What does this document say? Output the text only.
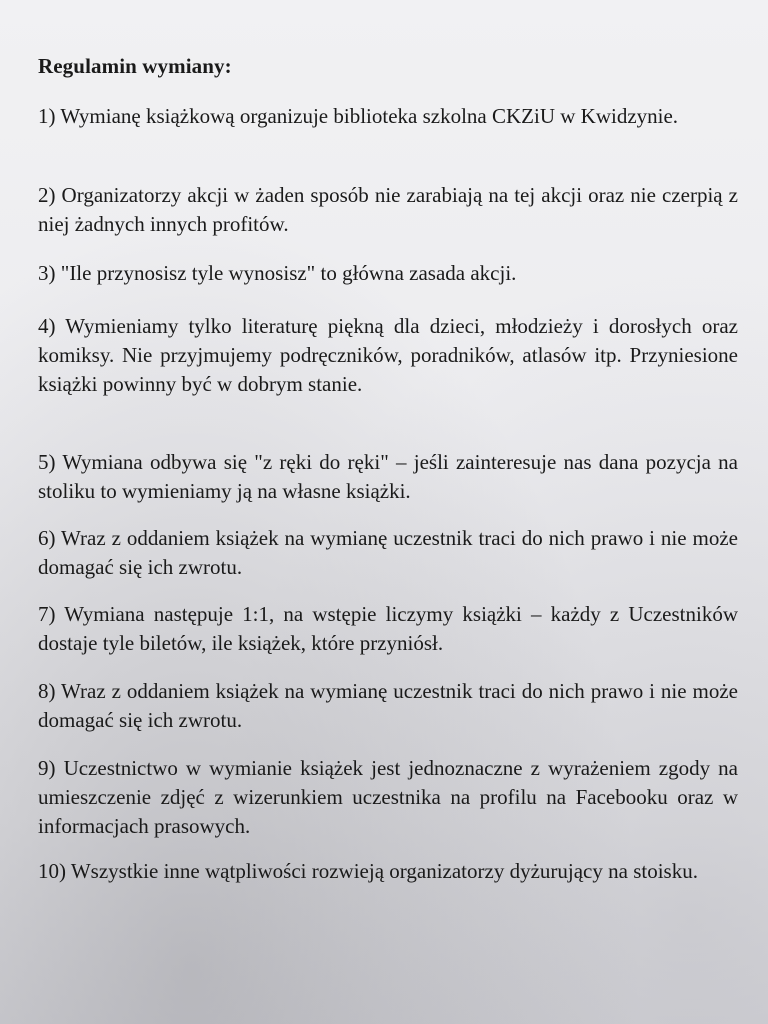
Regulamin wymiany:

1) Wymianę książkową organizuje biblioteka szkolna CKZiU w Kwidzynie.

2) Organizatorzy akcji w żaden sposób nie zarabiają na tej akcji oraz nie czerpią z niej żadnych innych profitów.

3) "Ile przynosisz tyle wynosisz" to główna zasada akcji.

4) Wymieniamy tylko literaturę piękną dla dzieci, młodzieży i dorosłych oraz komiksy. Nie przyjmujemy podręczników, poradników, atlasów itp. Przyniesione książki powinny być w dobrym stanie.

5) Wymiana odbywa się "z ręki do ręki" – jeśli zainteresuje nas dana pozycja na stoliku to wymieniamy ją na własne książki.

6) Wraz z oddaniem książek na wymianę uczestnik traci do nich prawo i nie może domagać się ich zwrotu.

7) Wymiana następuje 1:1, na wstępie liczymy książki – każdy z Uczestników dostaje tyle biletów, ile książek, które przyniósł.

8) Wraz z oddaniem książek na wymianę uczestnik traci do nich prawo i nie może domagać się ich zwrotu.

9) Uczestnictwo w wymianie książek jest jednoznaczne z wyrażeniem zgody na umieszczenie zdjęć z wizerunkiem uczestnika na profilu na Facebooku oraz w informacjach prasowych.

10) Wszystkie inne wątpliwości rozwieją organizatorzy dyżurujący na stoisku.
